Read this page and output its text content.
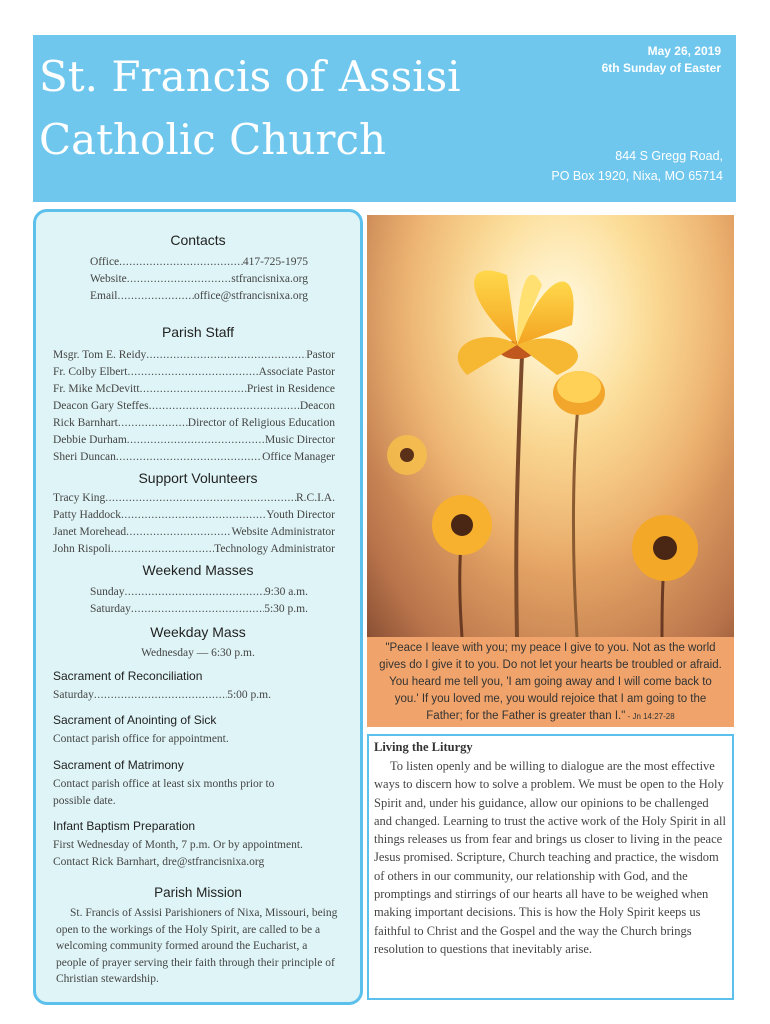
St. Francis of Assisi
Catholic Church
May 26, 2019
6th Sunday of Easter
844 S Gregg Road,
PO Box 1920, Nixa, MO 65714
Contacts
Office .....	417-725-1975
Website .....	stfrancisnixa.org
Email .....	office@stfrancisnixa.org
Parish Staff
Msgr. Tom E. Reidy .....	Pastor
Fr. Colby Elbert .....	Associate Pastor
Fr. Mike McDevitt .....	Priest in Residence
Deacon Gary Steffes .....	Deacon
Rick Barnhart .....	Director of Religious Education
Debbie Durham .....	Music Director
Sheri Duncan .....	Office Manager
Support Volunteers
Tracy King .....	R.C.I.A.
Patty Haddock .....	Youth Director
Janet Morehead .....	Website Administrator
John Rispoli .....	Technology Administrator
Weekend Masses
Sunday .....	9:30 a.m.
Saturday .....	5:30 p.m.
Weekday Mass
Wednesday — 6:30 p.m.
Sacrament of Reconciliation
Saturday .....	5:00 p.m.
Sacrament of Anointing of Sick
Contact parish office for appointment.
Sacrament of Matrimony
Contact parish office at least six months prior to
possible date.
Infant Baptism Preparation
First Wednesday of Month, 7 p.m. Or by appointment.
Contact Rick Barnhart, dre@stfrancisnixa.org
Parish Mission
St. Francis of Assisi Parishioners of Nixa, Missouri, being open to the workings of the Holy Spirit, are called to be a welcoming community formed around the Eucharist, a people of prayer serving their faith through their principle of Christian stewardship.
"Peace I leave with you; my peace I give to you. Not as the world gives do I give it to you. Do not let your hearts be troubled or afraid. You heard me tell you, 'I am going away and I will come back to you.' If you loved me, you would rejoice that I am going to the Father; for the Father is greater than I." - Jn 14:27-28
Living the Liturgy
To listen openly and be willing to dialogue are the most effective ways to discern how to solve a problem. We must be open to the Holy Spirit and, under his guidance, allow our opinions to be challenged and changed. Learning to trust the active work of the Holy Spirit in all things releases us from fear and brings us closer to living in the peace Jesus promised. Scripture, Church teaching and practice, the wisdom of others in our community, our relationship with God, and the promptings and stirrings of our hearts all have to be weighed when making important decisions. This is how the Holy Spirit keeps us faithful to Christ and the Gospel and the way the Church brings resolution to questions that inevitably arise.
